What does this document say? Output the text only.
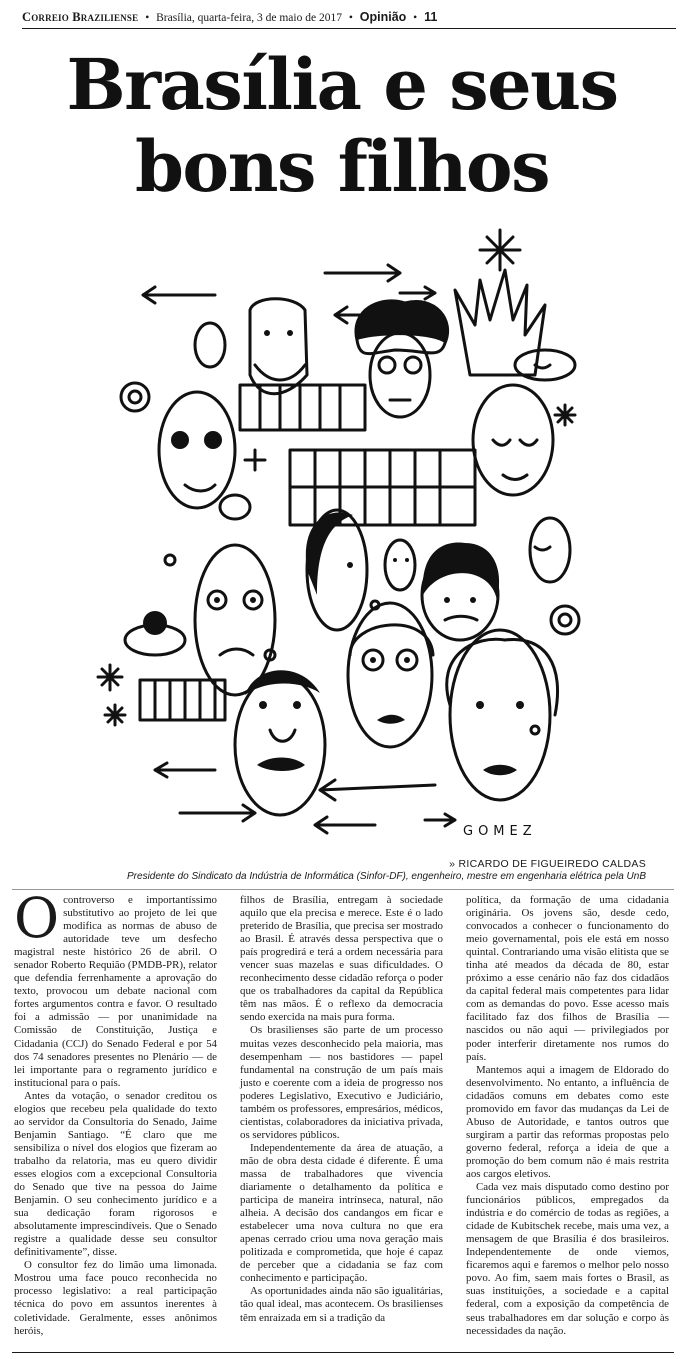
Correio Braziliense • Brasília, quarta-feira, 3 de maio de 2017 • Opinião • 11
Brasília e seus
bons filhos
GOMEZ
» RICARDO DE FIGUEIREDO CALDAS
Presidente do Sindicato da Indústria de Informática (Sinfor-DF), engenheiro, mestre em engenharia elétrica pela UnB

Ocontroverso e importantíssimo substitutivo ao projeto de lei que modifica as normas de abuso de autoridade teve um desfecho magistral neste histórico 26 de abril. O senador Roberto Requião (PMDB-PR), relator que defendia ferrenhamente a aprovação do texto, provocou um debate nacional com fortes argumentos contra e favor. O resultado foi a admissão — por unanimidade na Comissão de Constituição, Justiça e Cidadania (CCJ) do Senado Federal e por 54 dos 74 senadores presentes no Plenário — de lei importante para o regramento jurídico e institucional para o país.

Antes da votação, o senador creditou os elogios que recebeu pela qualidade do texto ao servidor da Consultoria do Senado, Jaime Benjamin Santiago. “É claro que me sensibiliza o nível dos elogios que fizeram ao trabalho da relatoria, mas eu quero dividir esses elogios com a excepcional Consultoria do Senado que tive na pessoa do Jaime Benjamin. O seu conhecimento jurídico e a sua dedicação foram rigorosos e absolutamente imprescindíveis. Que o Senado registre a qualidade desse seu consultor definitivamente”, disse.

O consultor fez do limão uma limonada. Mostrou uma face pouco reconhecida no processo legislativo: a real participação técnica do povo em assuntos inerentes à coletividade. Geralmente, esses anônimos heróis,

filhos de Brasília, entregam à sociedade aquilo que ela precisa e merece. Este é o lado preterido de Brasília, que precisa ser mostrado ao Brasil. É através dessa perspectiva que o país progredirá e terá a ordem necessária para vencer suas mazelas e suas dificuldades. O reconhecimento desse cidadão reforça o poder que os trabalhadores da capital da República têm nas mãos. É o reflexo da democracia sendo exercida na mais pura forma.

Os brasilienses são parte de um processo muitas vezes desconhecido pela maioria, mas desempenham — nos bastidores — papel fundamental na construção de um país mais justo e coerente com a ideia de progresso nos poderes Legislativo, Executivo e Judiciário, também os professores, empresários, médicos, cientistas, colaboradores da iniciativa privada, os servidores públicos.

Independentemente da área de atuação, a mão de obra desta cidade é diferente. É uma massa de trabalhadores que vivencia diariamente o detalhamento da política e participa de maneira intrínseca, natural, não alheia. A decisão dos candangos em ficar e estabelecer uma nova cultura no que era apenas cerrado criou uma nova geração mais politizada e comprometida, que hoje é capaz de perceber que a cidadania se faz com conhecimento e participação.

As oportunidades ainda não são igualitárias, tão qual ideal, mas acontecem. Os brasilienses têm enraizada em si a tradição da

política, da formação de uma cidadania originária. Os jovens são, desde cedo, convocados a conhecer o funcionamento do meio governamental, pois ele está em nosso quintal. Contrariando uma visão elitista que se tinha até meados da década de 80, estar próximo a esse cenário não faz dos cidadãos da capital federal mais competentes para lidar com as demandas do povo. Esse acesso mais facilitado faz dos filhos de Brasília — nascidos ou não aqui — privilegiados por poder interferir diretamente nos rumos do país.

Mantemos aqui a imagem de Eldorado do desenvolvimento. No entanto, a influência de cidadãos comuns em debates como este promovido em favor das mudanças da Lei de Abuso de Autoridade, e tantos outros que surgiram a partir das reformas propostas pelo governo federal, reforça a ideia de que a promoção do bem comum não é mais restrita aos cargos eletivos.

Cada vez mais disputado como destino por funcionários públicos, empregados da indústria e do comércio de todas as regiões, a cidade de Kubitschek recebe, mais uma vez, a mensagem de que Brasília é dos brasileiros. Independentemente de onde viemos, ficaremos aqui e faremos o melhor pelo nosso povo. Ao fim, saem mais fortes o Brasil, as suas instituições, a sociedade e a capital federal, com a exposição da competência de seus trabalhadores em dar solução e corpo às necessidades da nação.
